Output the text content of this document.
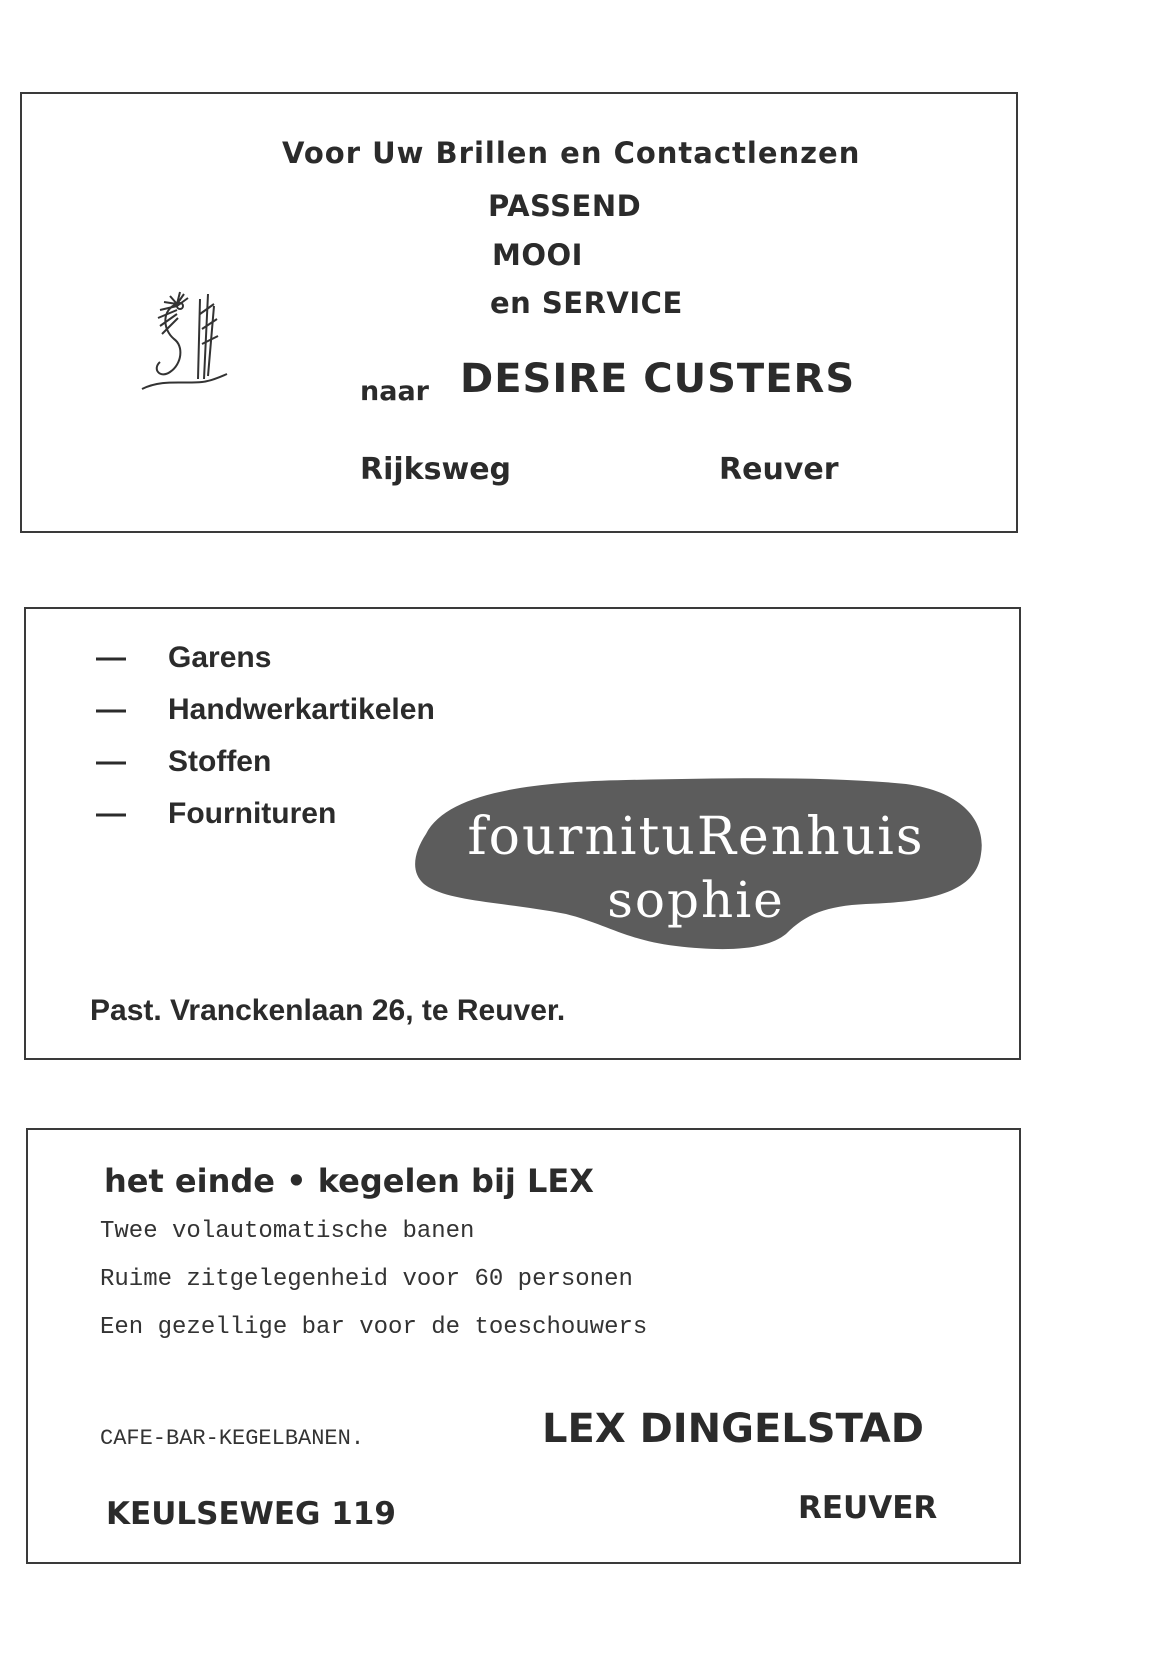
Voor Uw Brillen en Contactlenzen
PASSEND
MOOI
en SERVICE
naar DESIRE CUSTERS
Rijksweg	Reuver
— Garens
— Handwerkartikelen
— Stoffen
— Fournituren	fournituRenhuis
sophie
Past. Vranckenlaan 26, te Reuver.
het einde • kegelen bij LEX
Twee volautomatische banen
Ruime zitgelegenheid voor 60 personen
Een gezellige bar voor de toeschouwers
CAFE-BAR-KEGELBANEN.	LEX DINGELSTAD
KEULSEWEG 119	REUVER
